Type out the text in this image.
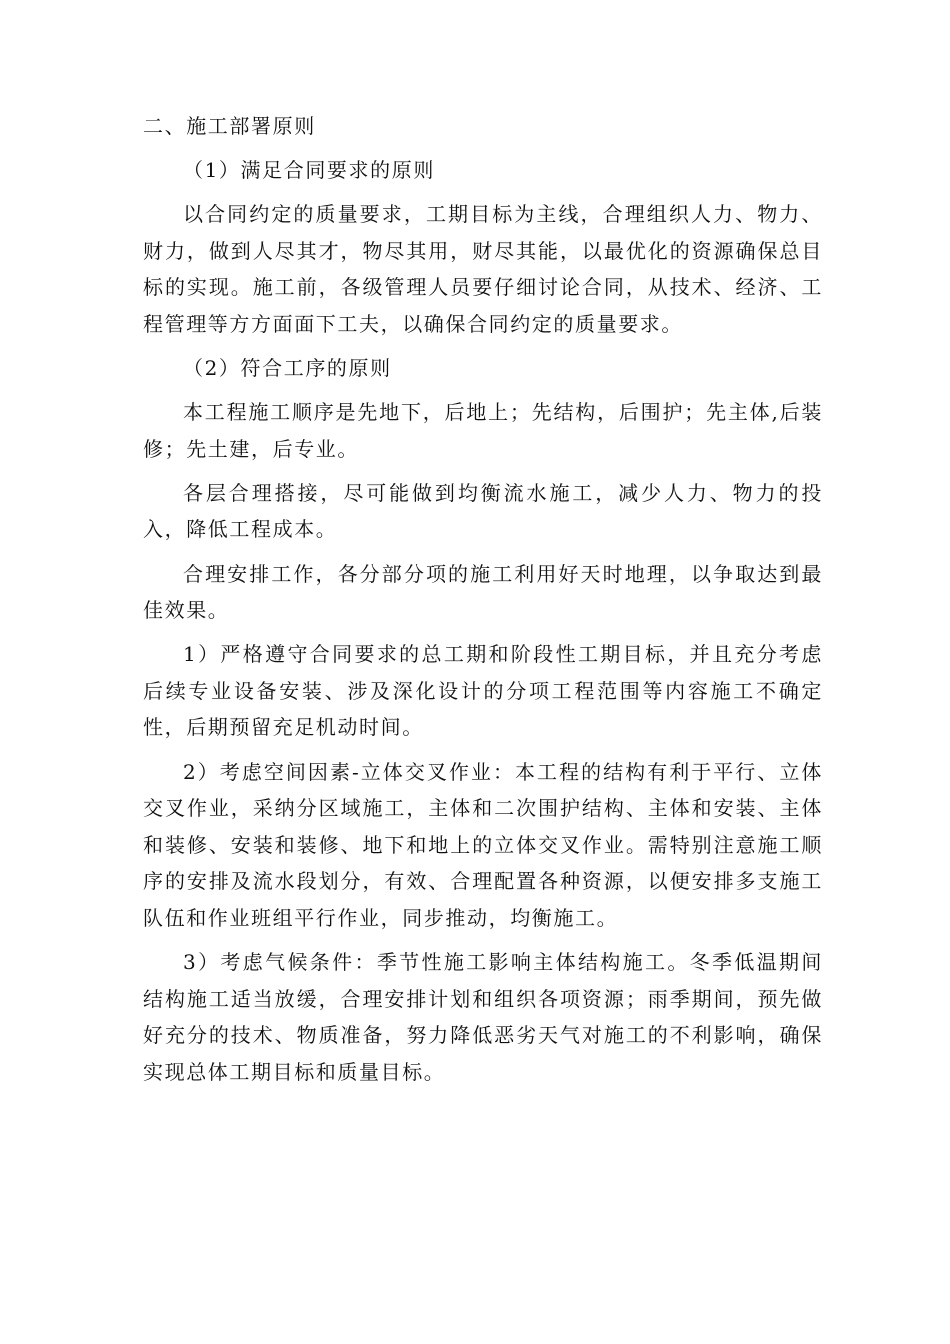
二、施工部署原则

（1）满足合同要求的原则

以合同约定的质量要求，工期目标为主线，合理组织人力、物力、财力，做到人尽其才，物尽其用，财尽其能，以最优化的资源确保总目标的实现。施工前，各级管理人员要仔细讨论合同，从技术、经济、工程管理等方方面面下工夫，以确保合同约定的质量要求。

（2）符合工序的原则

本工程施工顺序是先地下，后地上；先结构，后围护；先主体,后装修；先土建，后专业。

各层合理搭接，尽可能做到均衡流水施工，减少人力、物力的投入，降低工程成本。

合理安排工作，各分部分项的施工利用好天时地理，以争取达到最佳效果。

1）严格遵守合同要求的总工期和阶段性工期目标，并且充分考虑后续专业设备安装、涉及深化设计的分项工程范围等内容施工不确定性，后期预留充足机动时间。

2）考虑空间因素-立体交叉作业：本工程的结构有利于平行、立体交叉作业，采纳分区域施工，主体和二次围护结构、主体和安装、主体和装修、安装和装修、地下和地上的立体交叉作业。需特别注意施工顺序的安排及流水段划分，有效、合理配置各种资源，以便安排多支施工队伍和作业班组平行作业，同步推动，均衡施工。

3）考虑气候条件：季节性施工影响主体结构施工。冬季低温期间结构施工适当放缓，合理安排计划和组织各项资源；雨季期间，预先做好充分的技术、物质准备，努力降低恶劣天气对施工的不利影响，确保实现总体工期目标和质量目标。
